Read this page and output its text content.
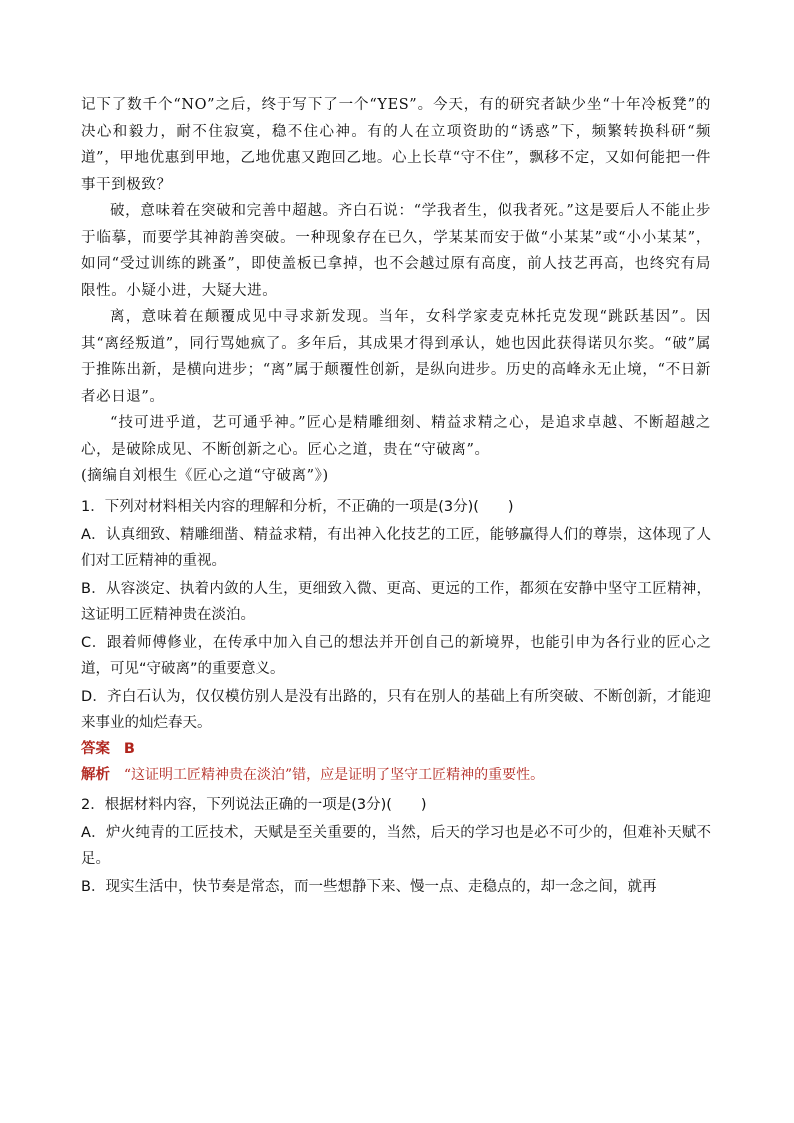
记下了数千个“NO”之后，终于写下了一个“YES”。今天，有的研究者缺少坐“十年冷板凳”的决心和毅力，耐不住寂寞，稳不住心神。有的人在立项资助的“诱惑”下，频繁转换科研“频道”，甲地优惠到甲地，乙地优惠又跑回乙地。心上长草“守不住”，飘移不定，又如何能把一件事干到极致？

破，意味着在突破和完善中超越。齐白石说：“学我者生，似我者死。”这是要后人不能止步于临摹，而要学其神韵善突破。一种现象存在已久，学某某而安于做“小某某”或“小小某某”，如同“受过训练的跳蚤”，即使盖板已拿掉，也不会越过原有高度，前人技艺再高，也终究有局限性。小疑小进，大疑大进。

离，意味着在颠覆成见中寻求新发现。当年，女科学家麦克林托克发现“跳跃基因”。因其“离经叛道”，同行骂她疯了。多年后，其成果才得到承认，她也因此获得诺贝尔奖。“破”属于推陈出新，是横向进步；“离”属于颠覆性创新，是纵向进步。历史的高峰永无止境，“不日新者必日退”。

“技可进乎道，艺可通乎神。”匠心是精雕细刻、精益求精之心，是追求卓越、不断超越之心，是破除成见、不断创新之心。匠心之道，贵在“守破离”。

(摘编自刘根生《匠心之道“守破离”》)

1．下列对材料相关内容的理解和分析，不正确的一项是(3分)(　　)

A．认真细致、精雕细凿、精益求精，有出神入化技艺的工匠，能够赢得人们的尊崇，这体现了人们对工匠精神的重视。

B．从容淡定、执着内敛的人生，更细致入微、更高、更远的工作，都须在安静中坚守工匠精神，这证明工匠精神贵在淡泊。

C．跟着师傅修业，在传承中加入自己的想法并开创自己的新境界，也能引申为各行业的匠心之道，可见“守破离”的重要意义。

D．齐白石认为，仅仅模仿别人是没有出路的，只有在别人的基础上有所突破、不断创新，才能迎来事业的灿烂春天。

答案 B
解析 “这证明工匠精神贵在淡泊”错，应是证明了坚守工匠精神的重要性。

2．根据材料内容，下列说法正确的一项是(3分)(　　)

A．炉火纯青的工匠技术，天赋是至关重要的，当然，后天的学习也是必不可少的，但难补天赋不足。

B．现实生活中，快节奏是常态，而一些想静下来、慢一点、走稳点的，却一念之间，就再
